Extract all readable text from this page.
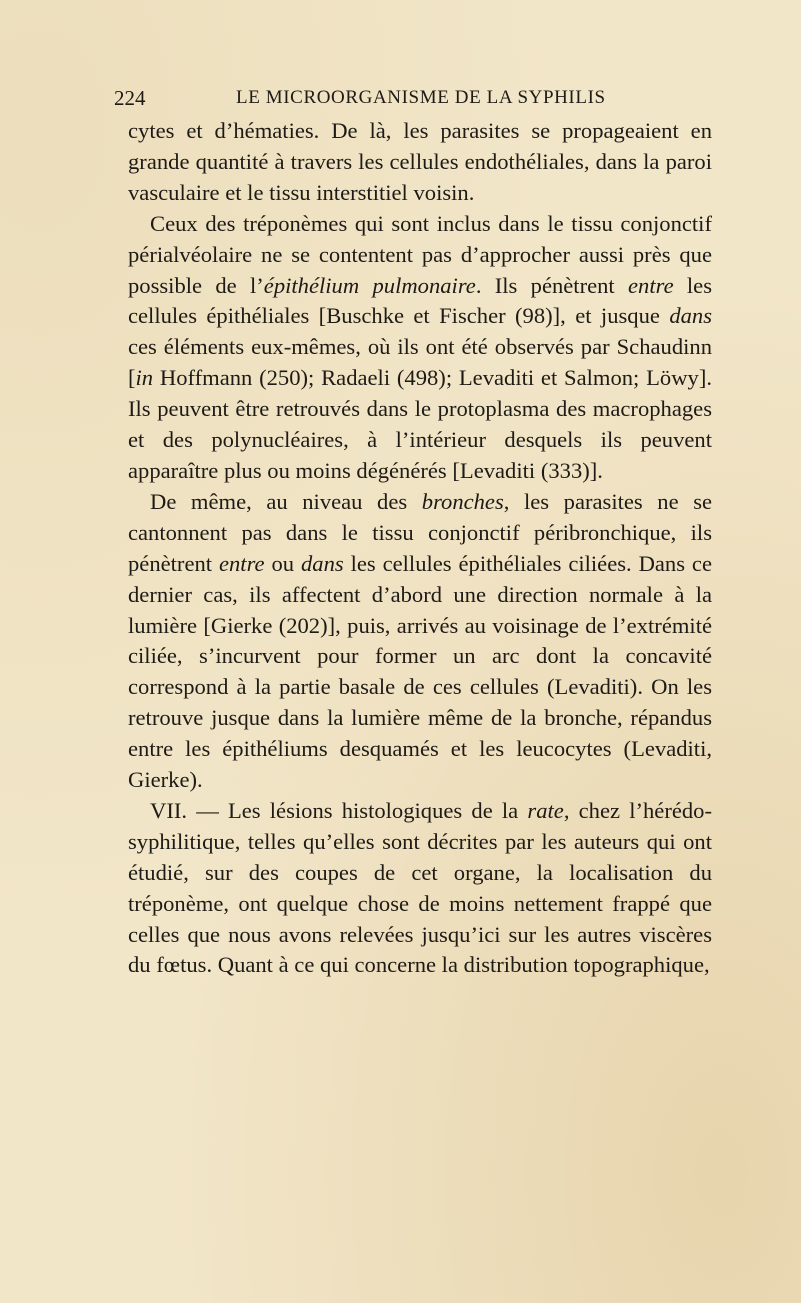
224	LE MICROORGANISME DE LA SYPHILIS

cytes et d’hématies. De là, les parasites se propageaient en grande quantité à travers les cellules endothéliales, dans la paroi vasculaire et le tissu interstitiel voisin.

Ceux des tréponèmes qui sont inclus dans le tissu conjonctif périalvéolaire ne se contentent pas d’approcher aussi près que possible de l’épithélium pulmonaire. Ils pénètrent entre les cellules épithéliales [Buschke et Fischer (98)], et jusque dans ces éléments eux-mêmes, où ils ont été observés par Schaudinn [in Hoffmann (250); Radaeli (498); Levaditi et Salmon; Löwy]. Ils peuvent être retrouvés dans le protoplasma des macrophages et des polynucléaires, à l’intérieur desquels ils peuvent apparaître plus ou moins dégénérés [Levaditi (333)].

De même, au niveau des bronches, les parasites ne se cantonnent pas dans le tissu conjonctif péribronchique, ils pénètrent entre ou dans les cellules épithéliales ciliées. Dans ce dernier cas, ils affectent d’abord une direction normale à la lumière [Gierke (202)], puis, arrivés au voisinage de l’extrémité ciliée, s’incurvent pour former un arc dont la concavité correspond à la partie basale de ces cellules (Levaditi). On les retrouve jusque dans la lumière même de la bronche, répandus entre les épithéliums desquamés et les leucocytes (Levaditi, Gierke).

VII. — Les lésions histologiques de la rate, chez l’hérédo-syphilitique, telles qu’elles sont décrites par les auteurs qui ont étudié, sur des coupes de cet organe, la localisation du tréponème, ont quelque chose de moins nettement frappé que celles que nous avons relevées jusqu’ici sur les autres viscères du fœtus. Quant à ce qui concerne la distribution topographique,
